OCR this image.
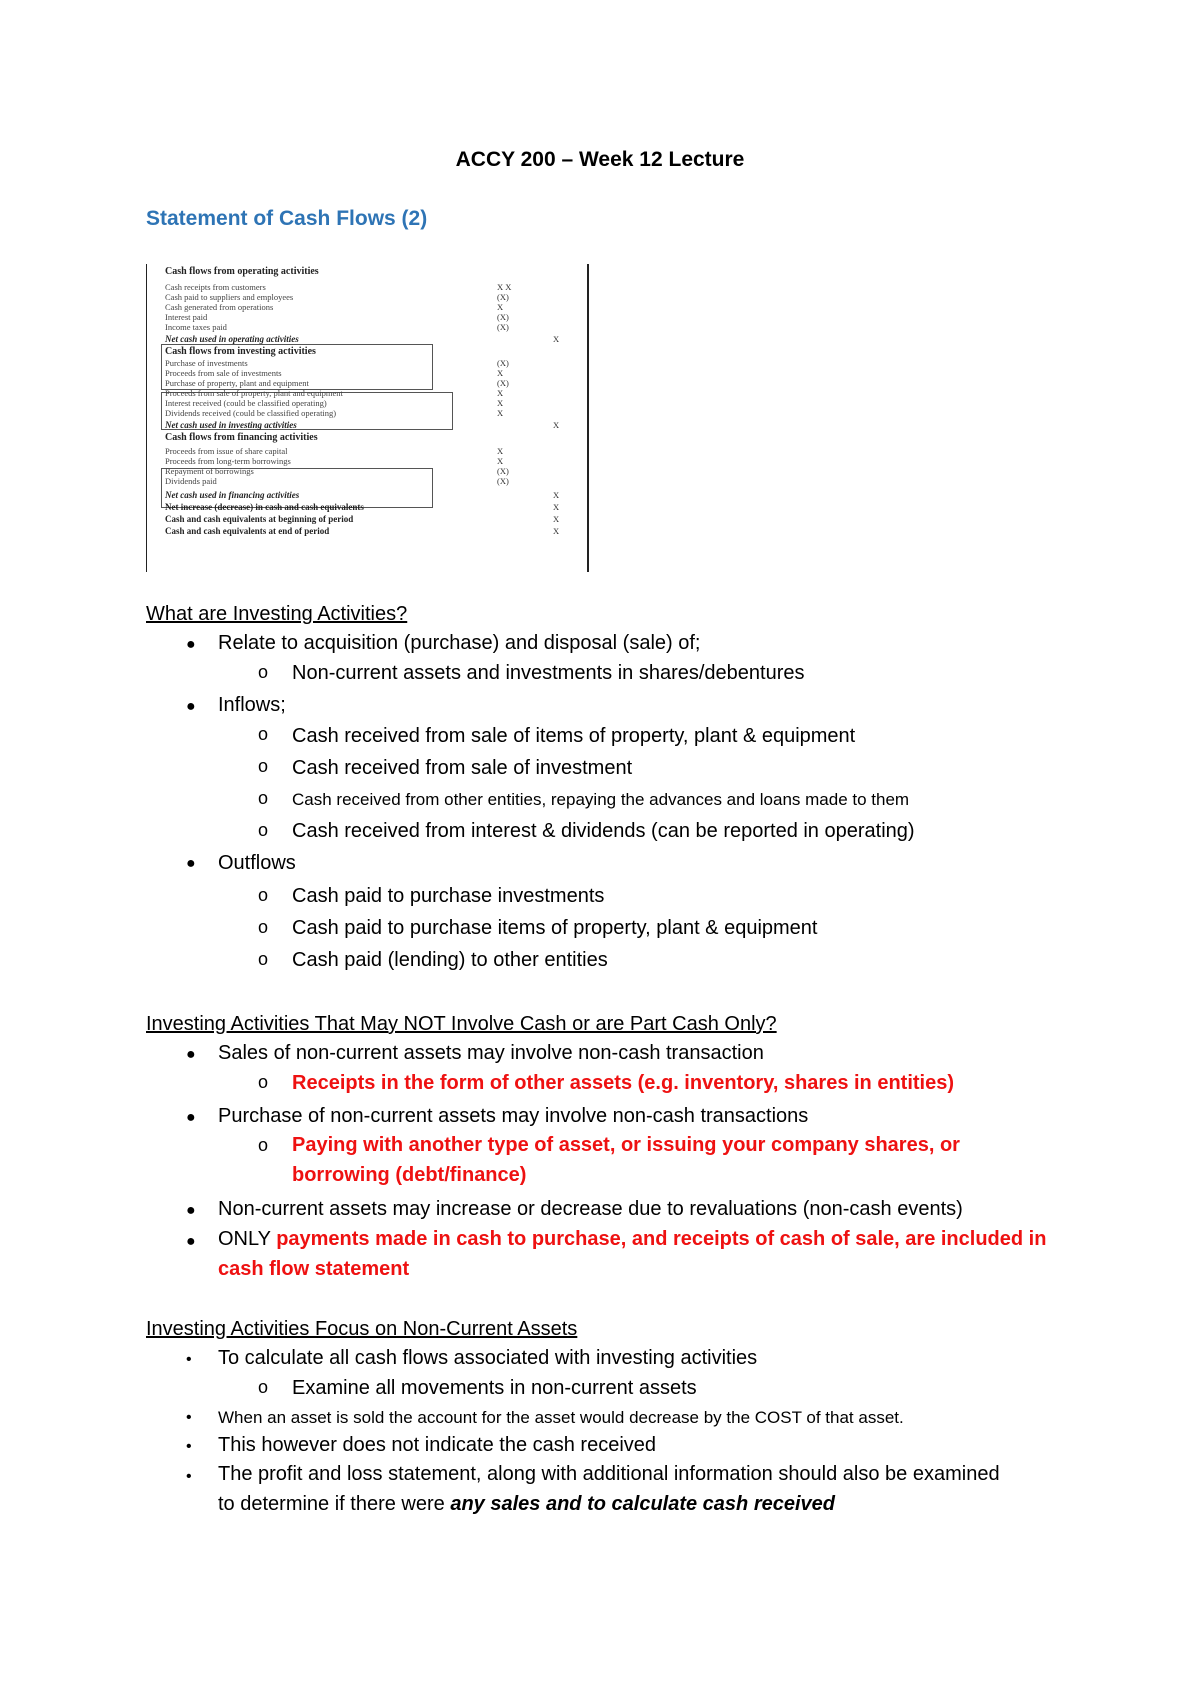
ACCY 200 – Week 12 Lecture
Statement of Cash Flows (2)
Cash flows from operating activities
Cash receipts from customers	X X
Cash paid to suppliers and employees	(X)
Cash generated from operations	X
Interest paid	(X)
Income taxes paid	(X)
Net cash used in operating activities	X
Cash flows from investing activities
Purchase of investments	(X)
Proceeds from sale of investments	X
Purchase of property, plant and equipment	(X)
Proceeds from sale of property, plant and equipment	X
Interest received (could be classified operating)	X
Dividends received (could be classified operating)	X
Net cash used in investing activities	X
Cash flows from financing activities
Proceeds from issue of share capital	X
Proceeds from long-term borrowings	X
Repayment of borrowings	(X)
Dividends paid	(X)
Net cash used in financing activities	X
Net increase (decrease) in cash and cash equivalents	X
Cash and cash equivalents at beginning of period	X
Cash and cash equivalents at end of period	X
What are Investing Activities?
● Relate to acquisition (purchase) and disposal (sale) of;
o Non-current assets and investments in shares/debentures
● Inflows;
o Cash received from sale of items of property, plant & equipment
o Cash received from sale of investment
o Cash received from other entities, repaying the advances and loans made to them
o Cash received from interest & dividends (can be reported in operating)
● Outflows
o Cash paid to purchase investments
o Cash paid to purchase items of property, plant & equipment
o Cash paid (lending) to other entities
Investing Activities That May NOT Involve Cash or are Part Cash Only?
● Sales of non-current assets may involve non-cash transaction
o Receipts in the form of other assets (e.g. inventory, shares in entities)
● Purchase of non-current assets may involve non-cash transactions
o Paying with another type of asset, or issuing your company shares, or borrowing (debt/finance)
● Non-current assets may increase or decrease due to revaluations (non-cash events)
● ONLY payments made in cash to purchase, and receipts of cash of sale, are included in cash flow statement
Investing Activities Focus on Non-Current Assets
• To calculate all cash flows associated with investing activities
o Examine all movements in non-current assets
• When an asset is sold the account for the asset would decrease by the COST of that asset.
• This however does not indicate the cash received
• The profit and loss statement, along with additional information should also be examined to determine if there were any sales and to calculate cash received
